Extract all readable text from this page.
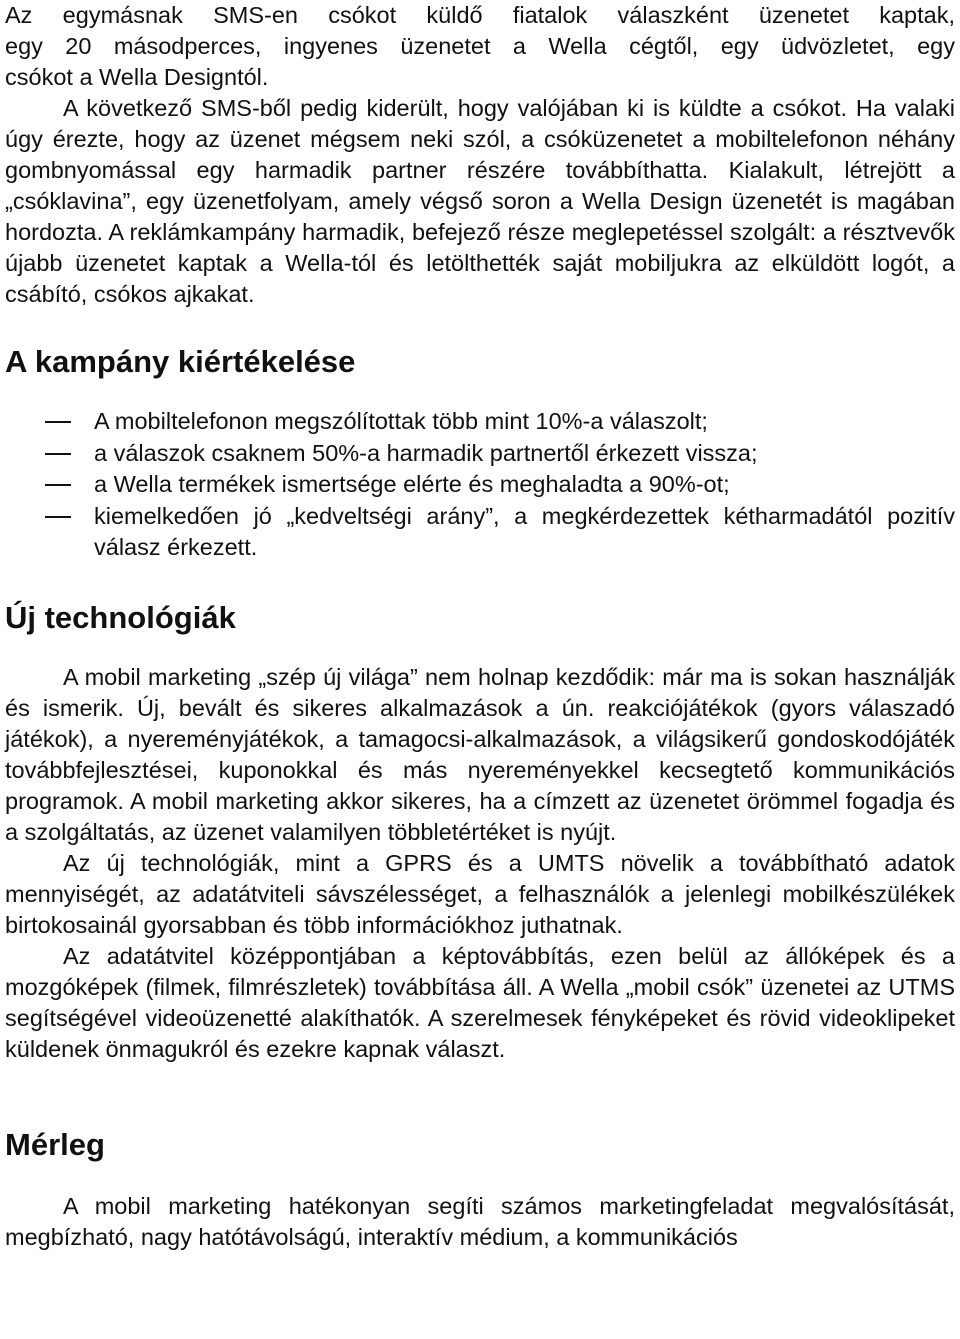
Az egymásnak SMS-en csókot küldő fiatalok válaszként üzenetet kaptak,
egy 20 másodperces, ingyenes üzenetet a Wella cégtől, egy üdvözletet, egy
csókot a Wella Designtól.

A következő SMS-ből pedig kiderült, hogy valójában ki is küldte a csókot. Ha valaki úgy érezte, hogy az üzenet mégsem neki szól, a csóküzenetet a mobiltelefonon néhány gombnyomással egy harmadik partner részére továbbíthatta. Kialakult, létrejött a „csóklavina”, egy üzenetfolyam, amely végső soron a Wella Design üzenetét is magában hordozta. A reklámkampány harmadik, befejező része meglepetéssel szolgált: a résztvevők újabb üzenetet kaptak a Wella-tól és letölthették saját mobiljukra az elküldött logót, a csábító, csókos ajkakat.

A kampány kiértékelése
A mobiltelefonon megszólítottak több mint 10%-a válaszolt;
a válaszok csaknem 50%-a harmadik partnertől érkezett vissza;
a Wella termékek ismertsége elérte és meghaladta a 90%-ot;
kiemelkedően jó „kedveltségi arány”, a megkérdezettek kétharmadától pozitív válasz érkezett.
Új technológiák

A mobil marketing „szép új világa” nem holnap kezdődik: már ma is sokan használják és ismerik. Új, bevált és sikeres alkalmazások a ún. reakciójátékok (gyors válaszadó játékok), a nyereményjátékok, a tamagocsi-alkalmazások, a világsikerű gondoskodójáték továbbfejlesztései, kuponokkal és más nyereményekkel kecsegtető kommunikációs programok. A mobil marketing akkor sikeres, ha a címzett az üzenetet örömmel fogadja és a szolgáltatás, az üzenet valamilyen többletértéket is nyújt.

Az új technológiák, mint a GPRS és a UMTS növelik a továbbítható adatok mennyiségét, az adatátviteli sávszélességet, a felhasználók a jelenlegi mobilkészülékek birtokosainál gyorsabban és több információkhoz juthatnak.

Az adatátvitel középpontjában a képtovábbítás, ezen belül az állóképek és a mozgóképek (filmek, filmrészletek) továbbítása áll. A Wella „mobil csók” üzenetei az UTMS segítségével videoüzenetté alakíthatók. A szerelmesek fényképeket és rövid videoklipeket küldenek önmagukról és ezekre kapnak választ.

Mérleg

A mobil marketing hatékonyan segíti számos marketingfeladat megvalósítását, megbízható, nagy hatótávolságú, interaktív médium, a kommunikációs
